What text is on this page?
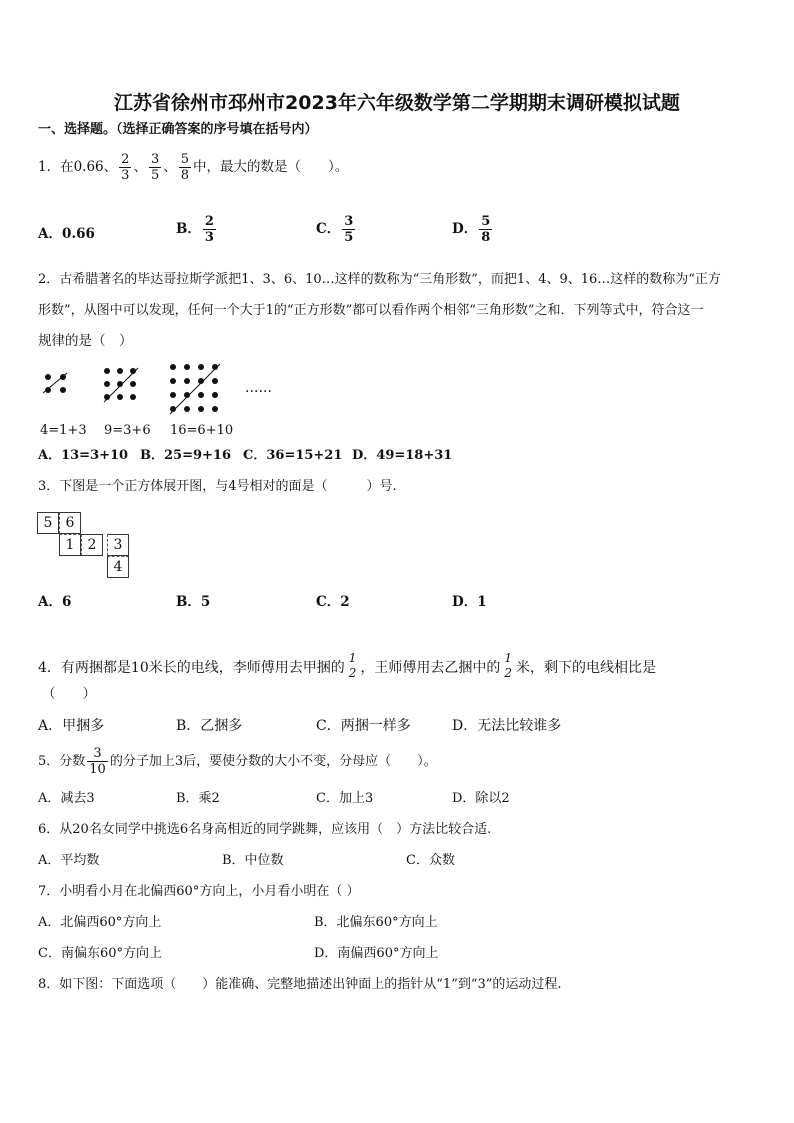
江苏省徐州市邳州市2023年六年级数学第二学期期末调研模拟试题
一、选择题。（选择正确答案的序号填在括号内）
1．在0.66、 $\frac{2}{3}$ 、 $\frac{3}{5}$ 、 $\frac{5}{8}$ 中，最大的数是（　　）。
A．0.66	B． $\frac{2}{3}$	C． $\frac{3}{5}$	D． $\frac{5}{8}$
2．古希腊著名的毕达哥拉斯学派把1、3、6、10…这样的数称为“三角形数”，而把1、4、9、16…这样的数称为“正方
形数”，从图中可以发现，任何一个大于1的“正方形数”都可以看作两个相邻“三角形数”之和．下列等式中，符合这一
规律的是（　）
……
4=1+3 9=3+6 16=6+10
A．13=3+10 B．25=9+16 C．36=15+21 D．49=18+31
3．下图是一个正方体展开图，与4号相对的面是（　　　）号.
5 6
1 2	3
4
A．6	B．5	C．2	D．1
4．有两捆都是10米长的电线，李师傅用去甲捆的
1
2 ，王师傅用去乙捆中的
1
2 米，剩下的电线相比是
（　　）
A．甲捆多	B．乙捆多	C．两捆一样多	D．无法比较谁多
5．分数 $\frac{3}{10}$ 的分子加上3后，要使分数的大小不变，分母应（　　）。
A．减去3	B．乘2	C．加上3	D．除以2
6．从20名女同学中挑选6名身高相近的同学跳舞，应该用（　）方法比较合适.
A．平均数	B．中位数	C．众数
7．小明看小月在北偏西60°方向上，小月看小明在（ ）
A．北偏西60°方向上	B．北偏东60°方向上
C．南偏东60°方向上	D．南偏西60°方向上
8．如下图：下面选项（　　）能准确、完整地描述出钟面上的指针从“1”到“3”的运动过程.
